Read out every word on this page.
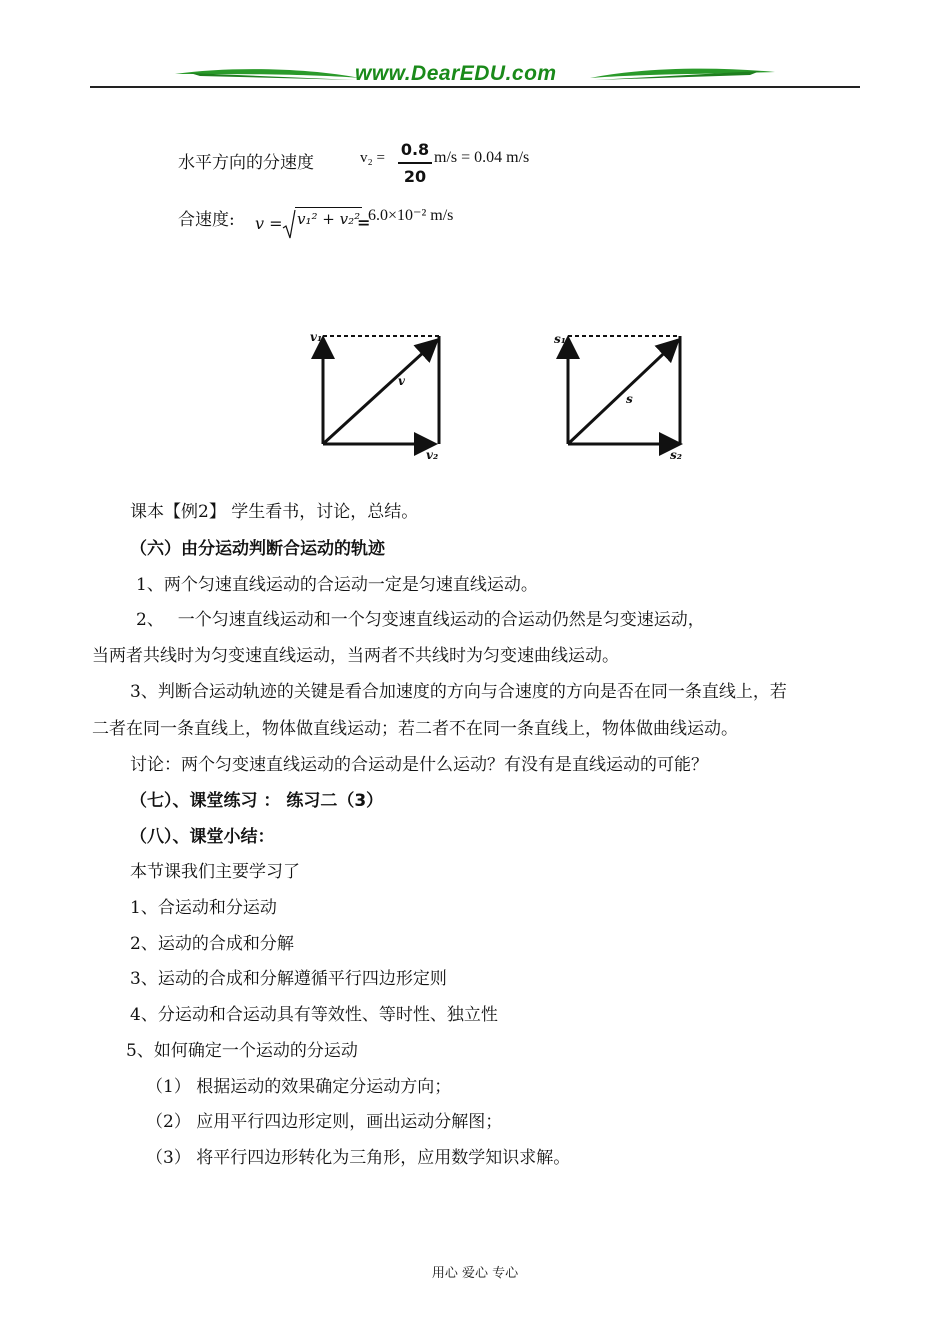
www.DearEDU.com
水平方向的分速度	v₂ = 0.8
20
m/s = 0.04 m/s
合速度: v = v₁² + v₂²
=
6.0×10⁻² m/s
v₁
v
v₂
s₁
s
s₂
课本【例2】 学生看书，讨论，总结。
（六）由分运动判断合运动的轨迹
1、两个匀速直线运动的合运动一定是匀速直线运动。
2、　 一个匀速直线运动和一个匀变速直线运动的合运动仍然是匀变速运动，
当两者共线时为匀变速直线运动，当两者不共线时为匀变速曲线运动。
3、判断合运动轨迹的关键是看合加速度的方向与合速度的方向是否在同一条直线上，若
二者在同一条直线上，物体做直线运动；若二者不在同一条直线上，物体做曲线运动。
讨论：两个匀变速直线运动的合运动是什么运动？有没有是直线运动的可能？
（七）、课堂练习 ： 练习二（3）
（八）、课堂小结：
本节课我们主要学习了
1、合运动和分运动
2、运动的合成和分解
3、运动的合成和分解遵循平行四边形定则
4、分运动和合运动具有等效性、等时性、独立性
5、如何确定一个运动的分运动
（1） 根据运动的效果确定分运动方向；
（2） 应用平行四边形定则，画出运动分解图；
（3） 将平行四边形转化为三角形，应用数学知识求解。
用心 爱心 专心
